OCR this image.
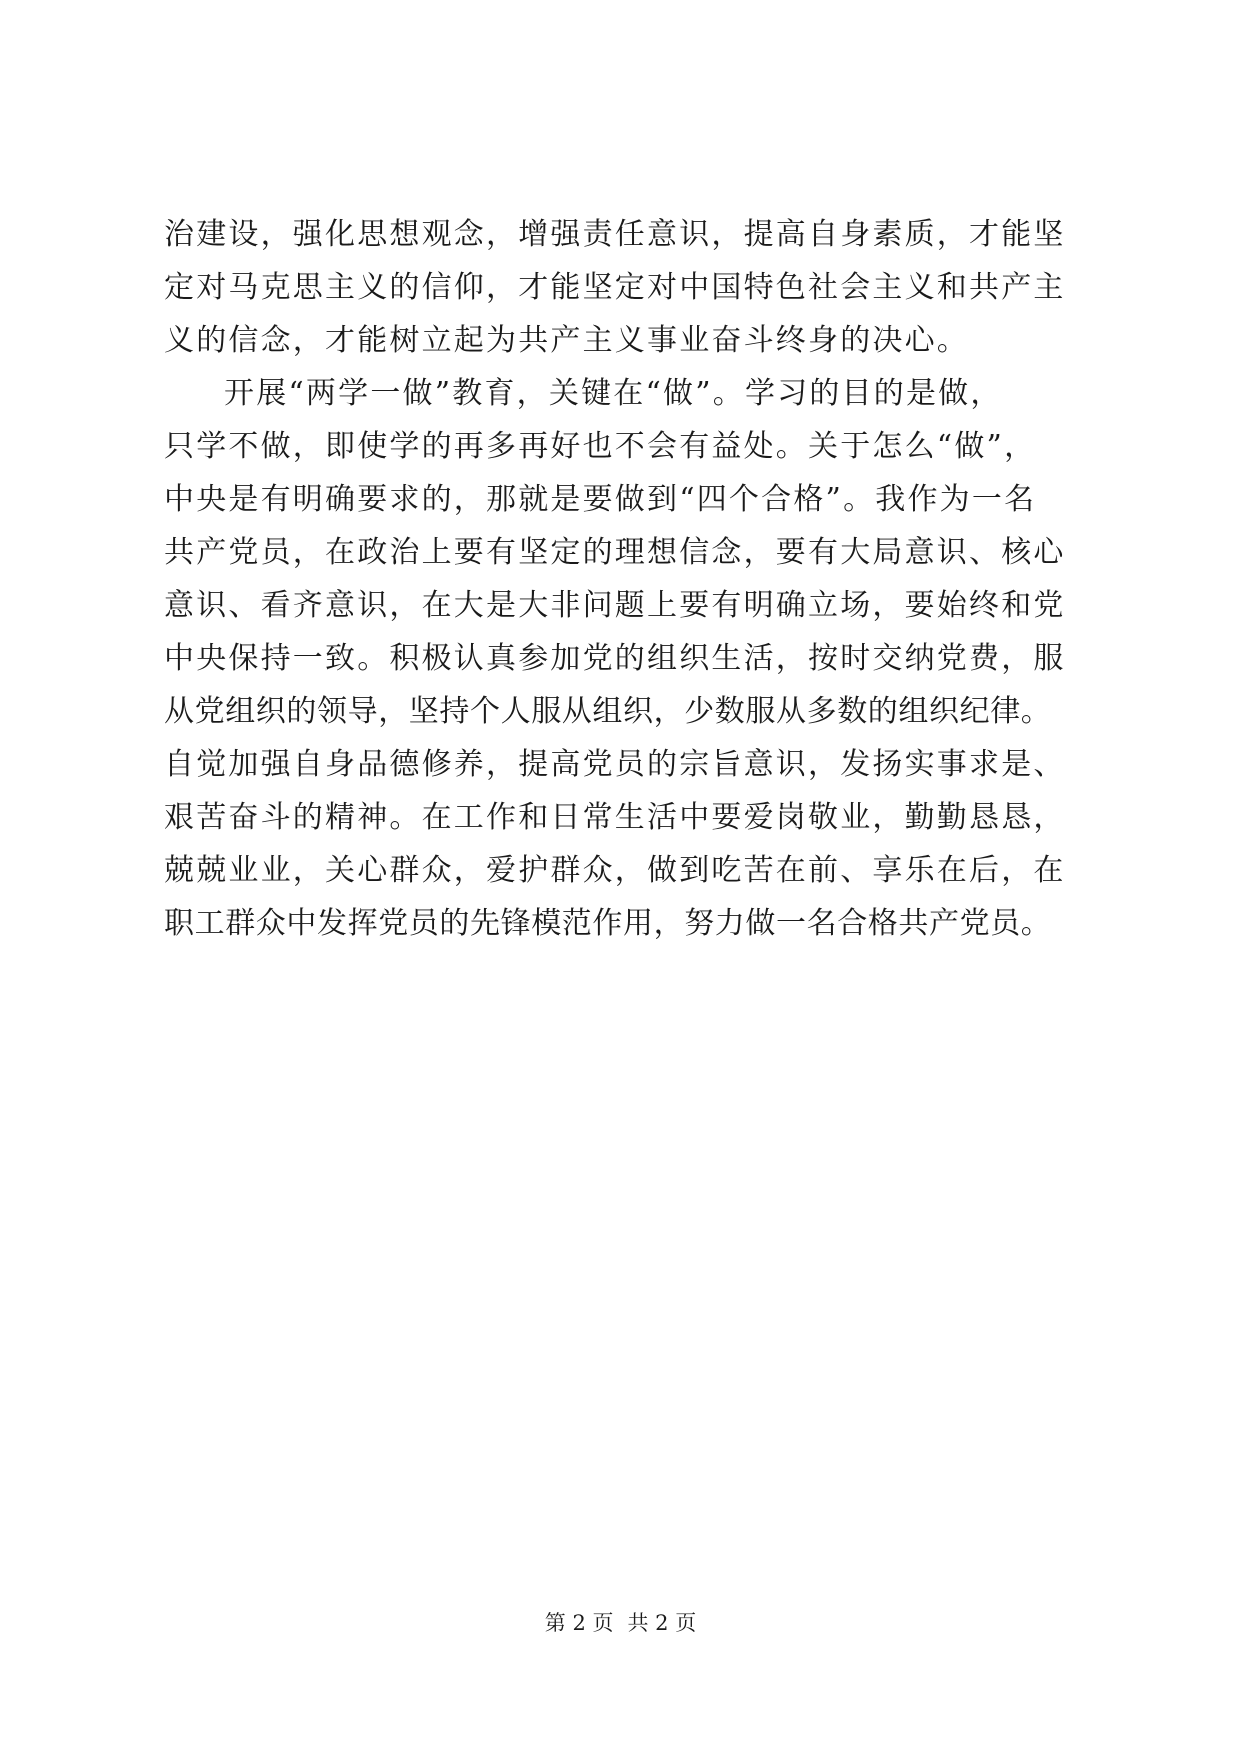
治建设，强化思想观念，增强责任意识，提高自身素质，才能坚
定对马克思主义的信仰，才能坚定对中国特色社会主义和共产主
义的信念，才能树立起为共产主义事业奋斗终身的决心。
开展“两学一做”教育，关键在“做”。学习的目的是做，
只学不做，即使学的再多再好也不会有益处。关于怎么“做”，
中央是有明确要求的，那就是要做到“四个合格”。我作为一名
共产党员，在政治上要有坚定的理想信念，要有大局意识、核心
意识、看齐意识，在大是大非问题上要有明确立场，要始终和党
中央保持一致。积极认真参加党的组织生活，按时交纳党费，服
从党组织的领导，坚持个人服从组织，少数服从多数的组织纪律。
自觉加强自身品德修养，提高党员的宗旨意识，发扬实事求是、
艰苦奋斗的精神。在工作和日常生活中要爱岗敬业，勤勤恳恳，
兢兢业业，关心群众，爱护群众，做到吃苦在前、享乐在后，在
职工群众中发挥党员的先锋模范作用，努力做一名合格共产党员。
第 2 页 共 2 页
